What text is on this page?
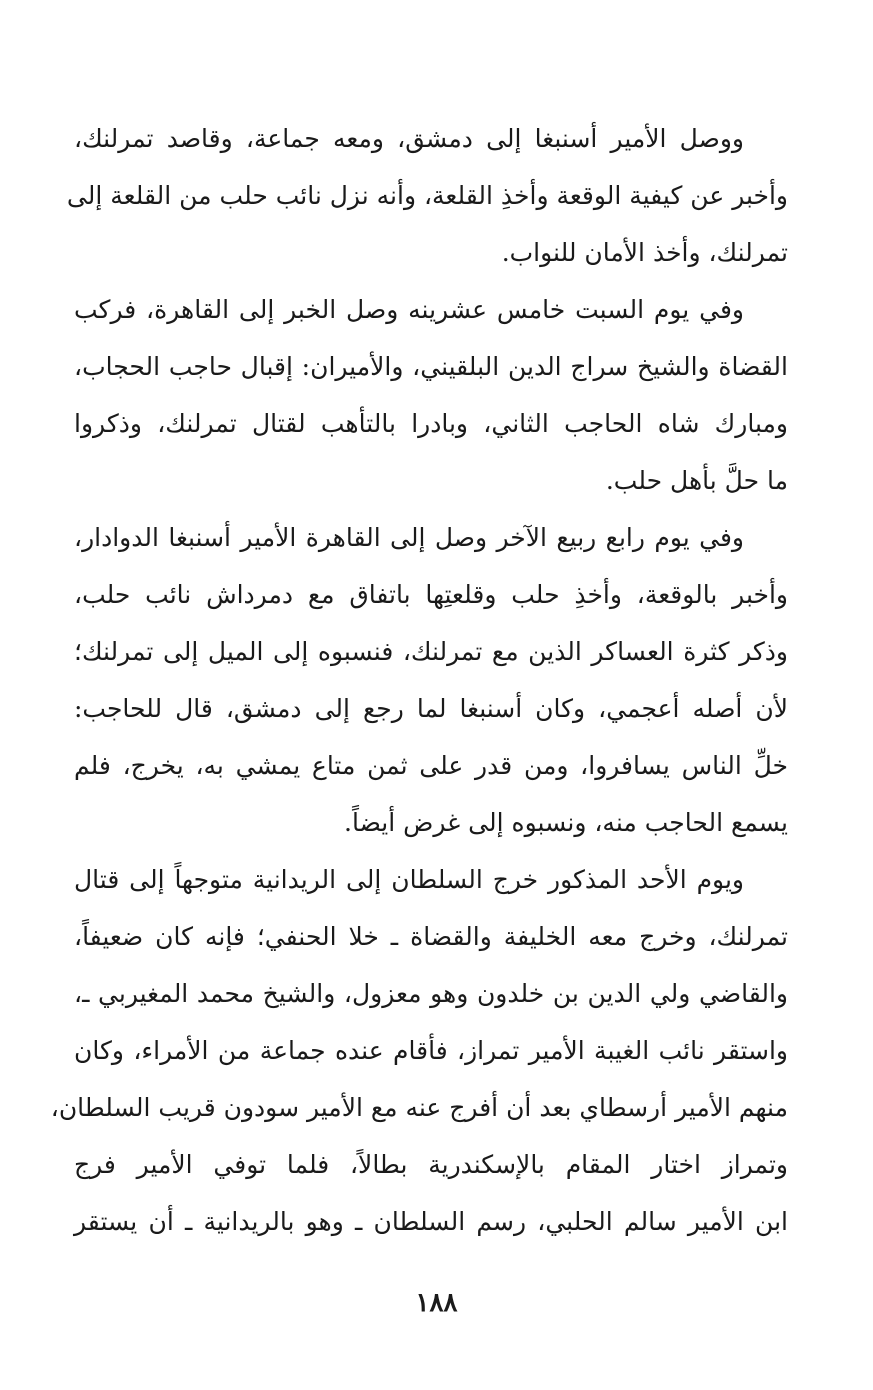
ووصل الأمير أسنبغا إلى دمشق، ومعه جماعة، وقاصد تمرلنك،
وأخبر عن كيفية الوقعة وأخذِ القلعة، وأنه نزل نائب حلب من القلعة إلى
تمرلنك، وأخذ الأمان للنواب.
وفي يوم السبت خامس عشرينه وصل الخبر إلى القاهرة، فركب
القضاة والشيخ سراج الدين البلقيني، والأميران: إقبال حاجب الحجاب،
ومبارك شاه الحاجب الثاني، وبادرا بالتأهب لقتال تمرلنك، وذكروا
ما حلَّ بأهل حلب.
وفي يوم رابع ربيع الآخر وصل إلى القاهرة الأمير أسنبغا الدوادار،
وأخبر بالوقعة، وأخذِ حلب وقلعتِها باتفاق مع دمرداش نائب حلب،
وذكر كثرة العساكر الذين مع تمرلنك، فنسبوه إلى الميل إلى تمرلنك؛
لأن أصله أعجمي، وكان أسنبغا لما رجع إلى دمشق، قال للحاجب:
خلِّ الناس يسافروا، ومن قدر على ثمن متاع يمشي به، يخرج، فلم
يسمع الحاجب منه، ونسبوه إلى غرض أيضاً.
ويوم الأحد المذكور خرج السلطان إلى الريدانية متوجهاً إلى قتال
تمرلنك، وخرج معه الخليفة والقضاة ـ خلا الحنفي؛ فإنه كان ضعيفاً،
والقاضي ولي الدين بن خلدون وهو معزول، والشيخ محمد المغيربي ـ،
واستقر نائب الغيبة الأمير تمراز، فأقام عنده جماعة من الأمراء، وكان
منهم الأمير أرسطاي بعد أن أفرج عنه مع الأمير سودون قريب السلطان،
وتمراز اختار المقام بالإسكندرية بطالاً، فلما توفي الأمير فرج
ابن الأمير سالم الحلبي، رسم السلطان ـ وهو بالريدانية ـ أن يستقر
١٨٨
